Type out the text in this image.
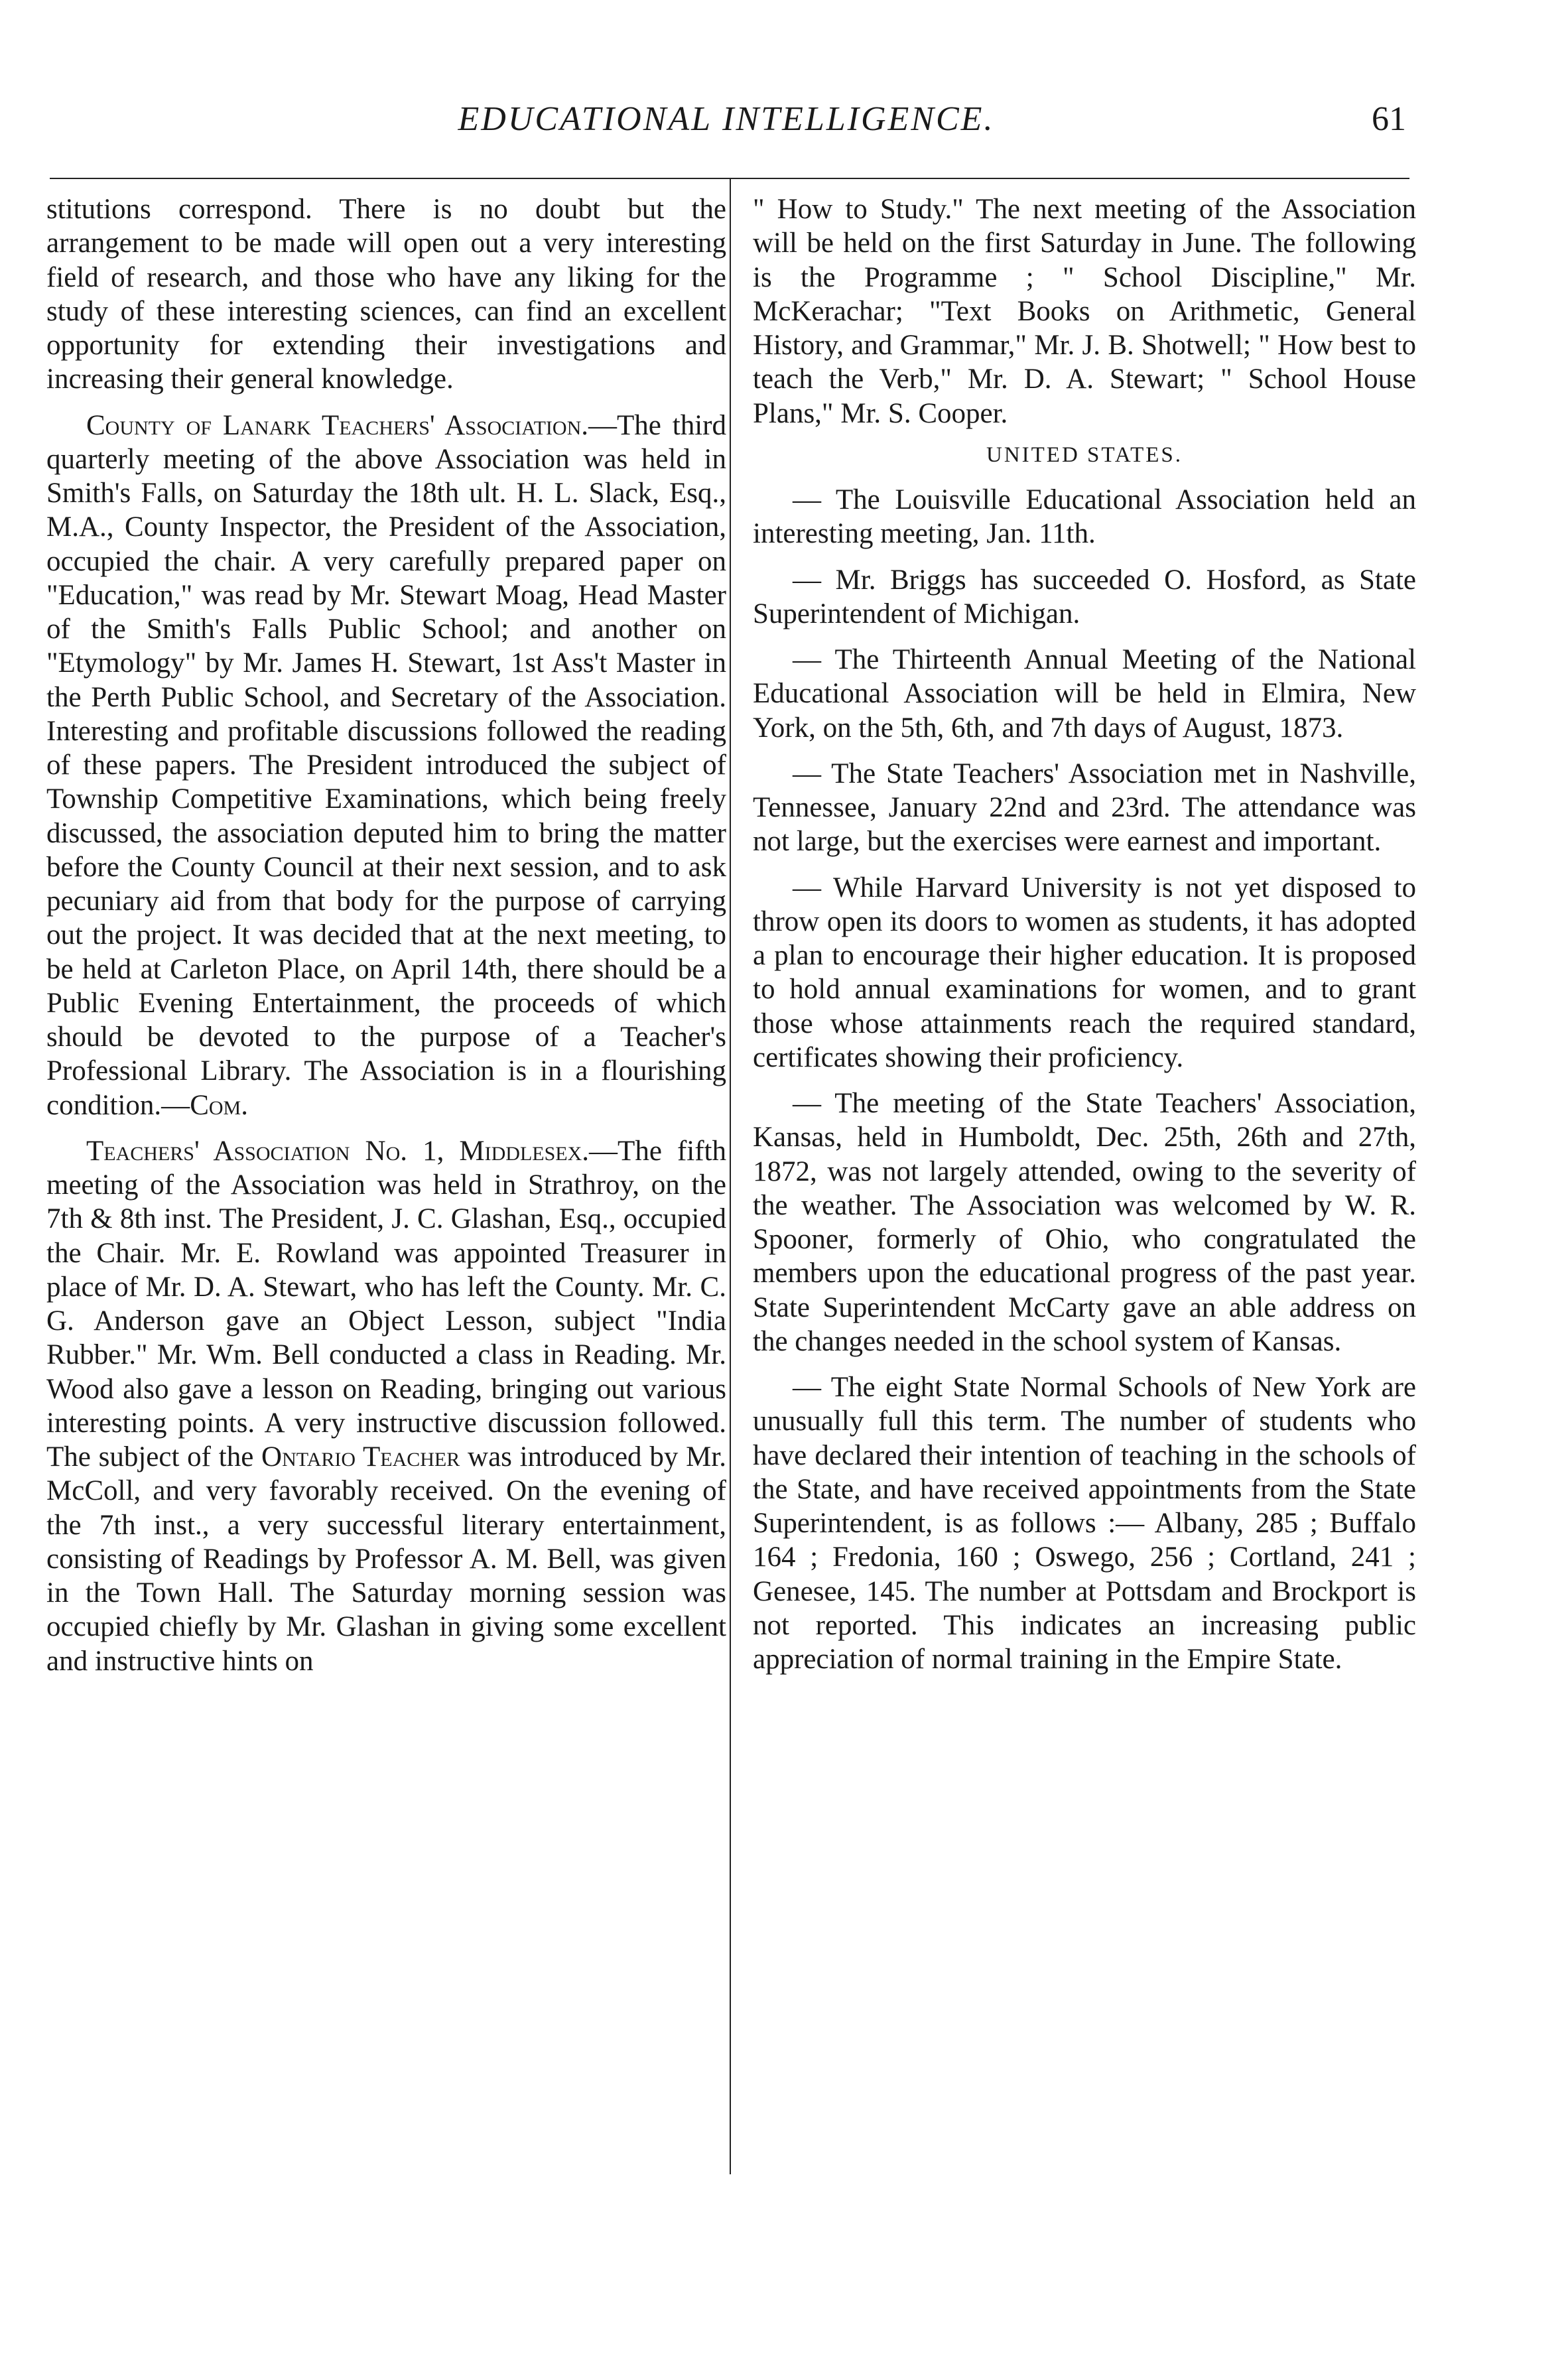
EDUCATIONAL INTELLIGENCE.	61

stitutions correspond. There is no doubt but the arrangement to be made will open out a very interesting field of research, and those who have any liking for the study of these interesting sciences, can find an excellent opportunity for extending their investigations and increasing their general knowledge.

County of Lanark Teachers' Association.—The third quarterly meeting of the above Association was held in Smith's Falls, on Saturday the 18th ult. H. L. Slack, Esq., M.A., County Inspector, the President of the Association, occupied the chair. A very carefully prepared paper on "Education," was read by Mr. Stewart Moag, Head Master of the Smith's Falls Public School; and another on "Etymology" by Mr. James H. Stewart, 1st Ass't Master in the Perth Public School, and Secretary of the Association. Interesting and profitable discussions followed the reading of these papers. The President introduced the subject of Township Competitive Examinations, which being freely discussed, the association deputed him to bring the matter before the County Council at their next session, and to ask pecuniary aid from that body for the purpose of carrying out the project. It was decided that at the next meeting, to be held at Carleton Place, on April 14th, there should be a Public Evening Entertainment, the proceeds of which should be devoted to the purpose of a Teacher's Professional Library. The Association is in a flourishing condition.—Com.

Teachers' Association No. 1, Middlesex.—The fifth meeting of the Association was held in Strathroy, on the 7th & 8th inst. The President, J. C. Glashan, Esq., occupied the Chair. Mr. E. Rowland was appointed Treasurer in place of Mr. D. A. Stewart, who has left the County. Mr. C. G. Anderson gave an Object Lesson, subject "India Rubber." Mr. Wm. Bell conducted a class in Reading. Mr. Wood also gave a lesson on Reading, bringing out various interesting points. A very instructive discussion followed. The subject of the Ontario Teacher was introduced by Mr. McColl, and very favorably received. On the evening of the 7th inst., a very successful literary entertainment, consisting of Readings by Professor A. M. Bell, was given in the Town Hall. The Saturday morning session was occupied chiefly by Mr. Glashan in giving some excellent and instructive hints on

" How to Study." The next meeting of the Association will be held on the first Saturday in June. The following is the Programme ; " School Discipline," Mr. McKerachar; "Text Books on Arithmetic, General History, and Grammar," Mr. J. B. Shotwell; " How best to teach the Verb," Mr. D. A. Stewart; " School House Plans," Mr. S. Cooper.

UNITED STATES.

— The Louisville Educational Association held an interesting meeting, Jan. 11th.

— Mr. Briggs has succeeded O. Hosford, as State Superintendent of Michigan.

— The Thirteenth Annual Meeting of the National Educational Association will be held in Elmira, New York, on the 5th, 6th, and 7th days of August, 1873.

— The State Teachers' Association met in Nashville, Tennessee, January 22nd and 23rd. The attendance was not large, but the exercises were earnest and important.

— While Harvard University is not yet disposed to throw open its doors to women as students, it has adopted a plan to encourage their higher education. It is proposed to hold annual examinations for women, and to grant those whose attainments reach the required standard, certificates showing their proficiency.

— The meeting of the State Teachers' Association, Kansas, held in Humboldt, Dec. 25th, 26th and 27th, 1872, was not largely attended, owing to the severity of the weather. The Association was welcomed by W. R. Spooner, formerly of Ohio, who congratulated the members upon the educational progress of the past year. State Superintendent McCarty gave an able address on the changes needed in the school system of Kansas.

— The eight State Normal Schools of New York are unusually full this term. The number of students who have declared their intention of teaching in the schools of the State, and have received appointments from the State Superintendent, is as follows :— Albany, 285 ; Buffalo 164 ; Fredonia, 160 ; Oswego, 256 ; Cortland, 241 ; Genesee, 145. The number at Pottsdam and Brockport is not reported. This indicates an increasing public appreciation of normal training in the Empire State.
